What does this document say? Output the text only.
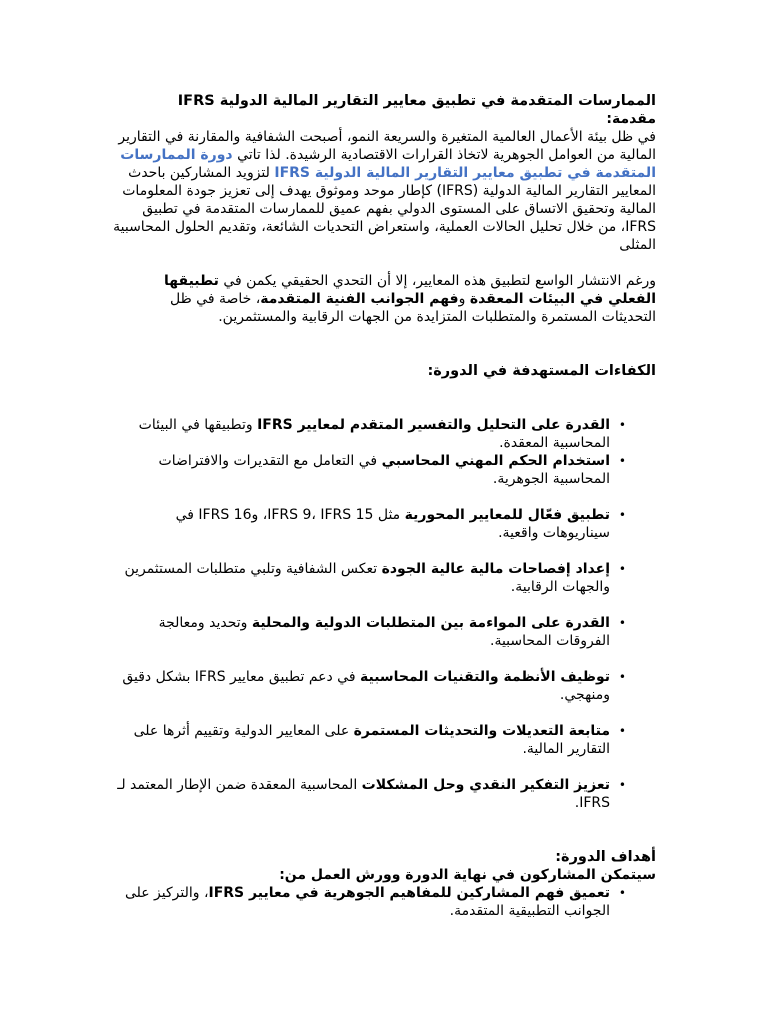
الممارسات المتقدمة في تطبيق معايير التقارير المالية الدولية IFRS

مقدمة:

في ظل بيئة الأعمال العالمية المتغيرة والسريعة النمو، أصبحت الشفافية والمقارنة في التقارير المالية من العوامل الجوهرية لاتخاذ القرارات الاقتصادية الرشيدة. لذا تاتي دورة الممارسات المتقدمة في تطبيق معايير التقارير المالية الدولية IFRS لتزويد المشاركين باحدث المعايير التقارير المالية الدولية (IFRS) كإطار موحد وموثوق يهدف إلى تعزيز جودة المعلومات المالية وتحقيق الاتساق على المستوى الدولي بفهم عميق للممارسات المتقدمة في تطبيق IFRS، من خلال تحليل الحالات العملية، واستعراض التحديات الشائعة، وتقديم الحلول المحاسبية المثلى

ورغم الانتشار الواسع لتطبيق هذه المعايير، إلا أن التحدي الحقيقي يكمن في تطبيقها الفعلي في البيئات المعقدة وفهم الجوانب الفنية المتقدمة، خاصة في ظل التحديثات المستمرة والمتطلبات المتزايدة من الجهات الرقابية والمستثمرين.

الكفاءات المستهدفة في الدورة:

•
القدرة على التحليل والتفسير المتقدم لمعايير IFRS وتطبيقها في البيئات المحاسبية المعقدة.
•
استخدام الحكم المهني المحاسبي في التعامل مع التقديرات والافتراضات المحاسبية الجوهرية.
•
تطبيق فعّال للمعايير المحورية مثل IFRS 9، IFRS 15، وIFRS 16 في سيناريوهات واقعية.
•
إعداد إفصاحات مالية عالية الجودة تعكس الشفافية وتلبي متطلبات المستثمرين والجهات الرقابية.
•
القدرة على المواءمة بين المتطلبات الدولية والمحلية وتحديد ومعالجة الفروقات المحاسبية.
•
توظيف الأنظمة والتقنيات المحاسبية في دعم تطبيق معايير IFRS بشكل دقيق ومنهجي.
•
متابعة التعديلات والتحديثات المستمرة على المعايير الدولية وتقييم أثرها على التقارير المالية.
•
تعزيز التفكير النقدي وحل المشكلات المحاسبية المعقدة ضمن الإطار المعتمد لـ IFRS.

أهداف الدورة:

سيتمكن المشاركون في نهاية الدورة وورش العمل من:

•
تعميق فهم المشاركين للمفاهيم الجوهرية في معايير IFRS، والتركيز على الجوانب التطبيقية المتقدمة.
